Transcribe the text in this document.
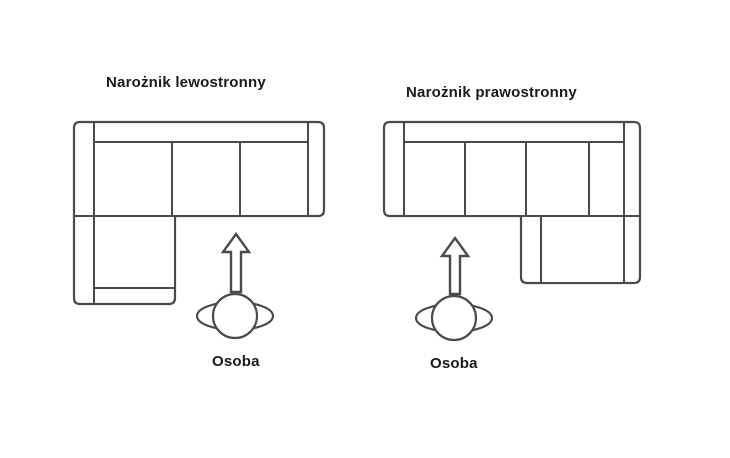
Narożnik lewostronny
Narożnik prawostronny
Osoba	Osoba
